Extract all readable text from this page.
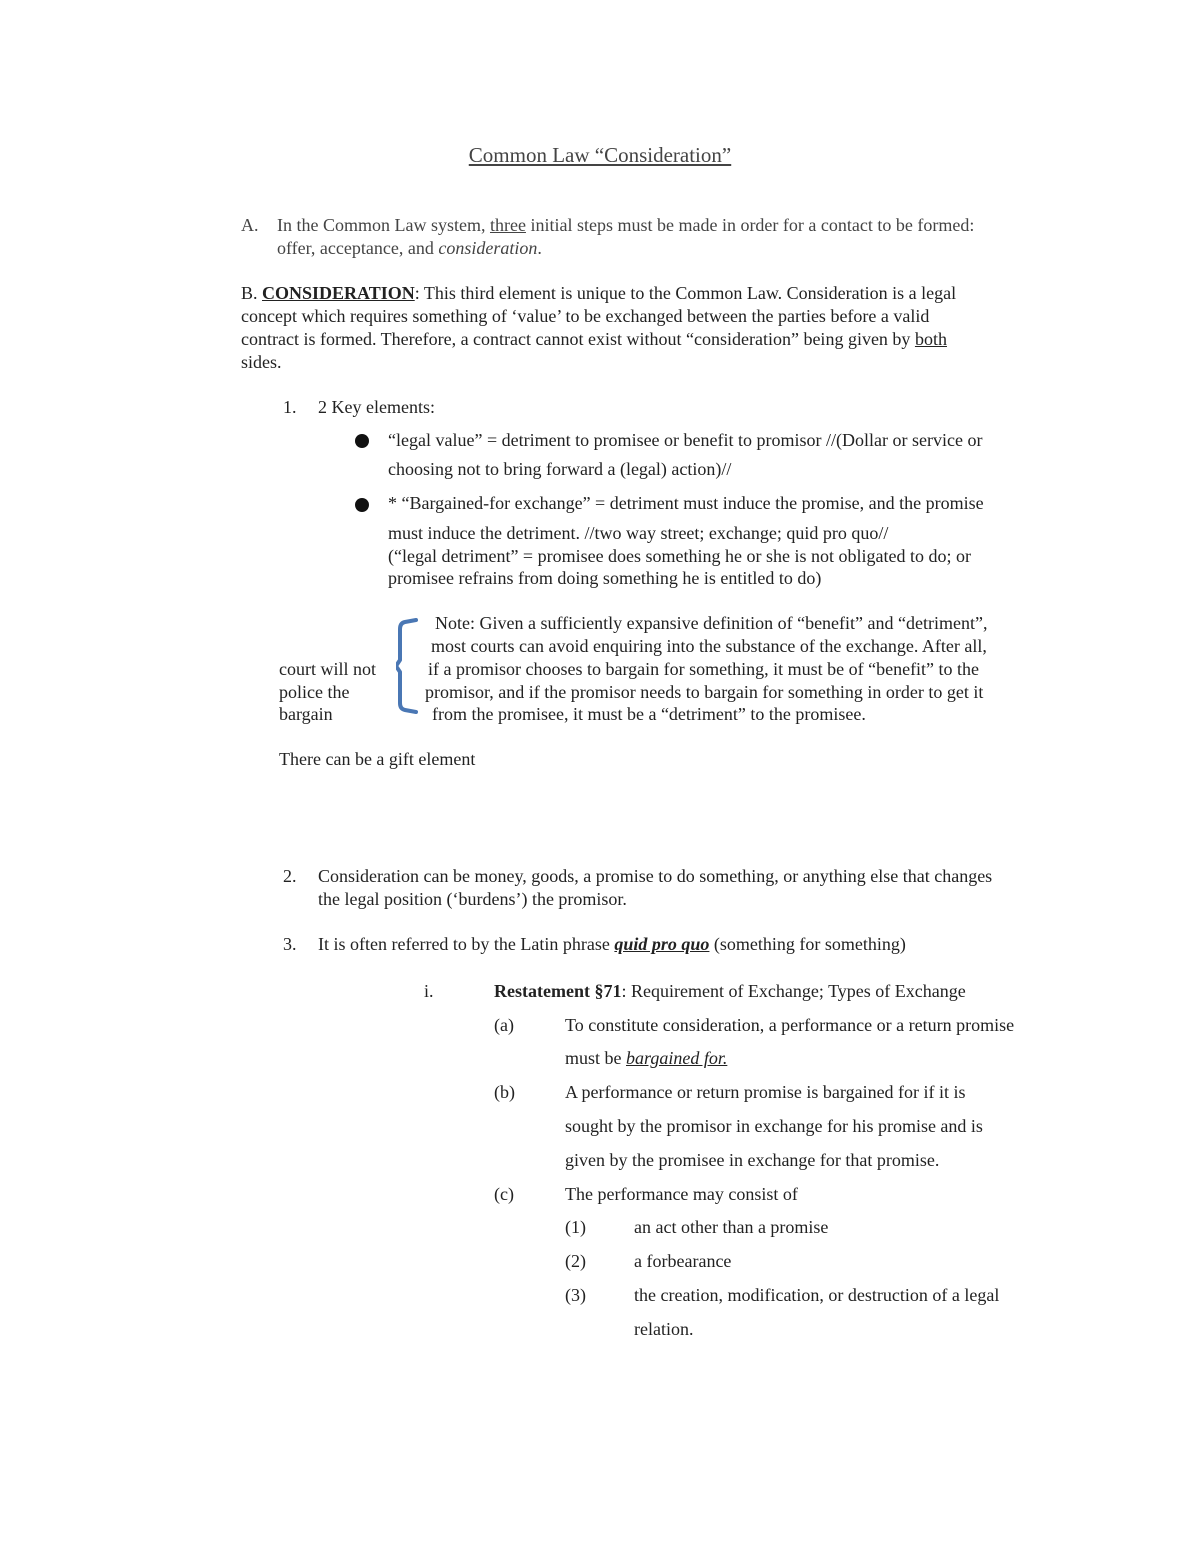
Common Law “Consideration”
A. In the Common Law system, three initial steps must be made in order for a contact to be formed:
offer, acceptance, and consideration.
B. CONSIDERATION: This third element is unique to the Common Law. Consideration is a legal
concept which requires something of ‘value’ to be exchanged between the parties before a valid
contract is formed. Therefore, a contract cannot exist without “consideration” being given by both
sides.
1. 2 Key elements:
“legal value” = detriment to promisee or benefit to promisor //(Dollar or service or
choosing not to bring forward a (legal) action)//
* “Bargained-for exchange” = detriment must induce the promise, and the promise
must induce the detriment. //two way street; exchange; quid pro quo//
(“legal detriment” = promisee does something he or she is not obligated to do; or
promisee refrains from doing something he is entitled to do)
court will not
police the
bargain
Note: Given a sufficiently expansive definition of “benefit” and “detriment”,
most courts can avoid enquiring into the substance of the exchange. After all,
if a promisor chooses to bargain for something, it must be of “benefit” to the
promisor, and if the promisor needs to bargain for something in order to get it
from the promisee, it must be a “detriment” to the promisee.
There can be a gift element
2. Consideration can be money, goods, a promise to do something, or anything else that changes
the legal position (‘burdens’) the promisor.
3. It is often referred to by the Latin phrase quid pro quo (something for something)
i.	Restatement §71: Requirement of Exchange; Types of Exchange
(a)	To constitute consideration, a performance or a return promise
must be bargained for.
(b)	A performance or return promise is bargained for if it is
sought by the promisor in exchange for his promise and is
given by the promisee in exchange for that promise.
(c)	The performance may consist of
(1)	an act other than a promise
(2)	a forbearance
(3)	the creation, modification, or destruction of a legal
relation.
